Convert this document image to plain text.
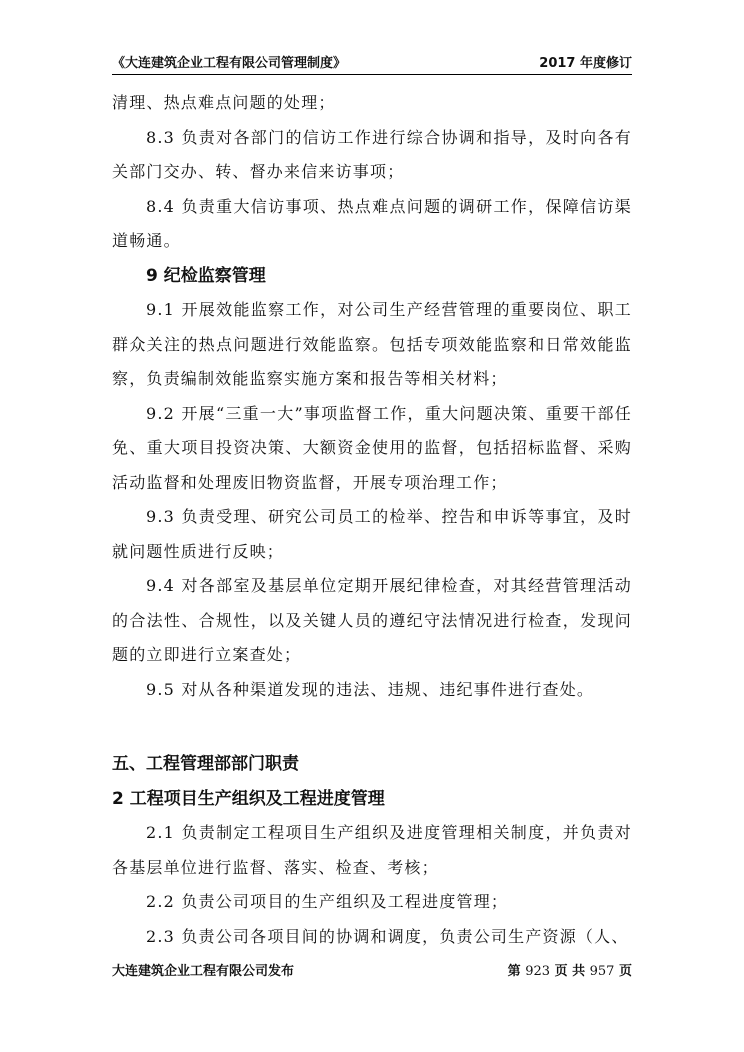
《大连建筑企业工程有限公司管理制度》	2017 年度修订

清理、热点难点问题的处理；

8.3 负责对各部门的信访工作进行综合协调和指导，及时向各有关部门交办、转、督办来信来访事项；

8.4 负责重大信访事项、热点难点问题的调研工作，保障信访渠道畅通。

9 纪检监察管理

9.1 开展效能监察工作，对公司生产经营管理的重要岗位、职工群众关注的热点问题进行效能监察。包括专项效能监察和日常效能监察，负责编制效能监察实施方案和报告等相关材料；

9.2 开展“三重一大”事项监督工作，重大问题决策、重要干部任免、重大项目投资决策、大额资金使用的监督，包括招标监督、采购活动监督和处理废旧物资监督，开展专项治理工作；

9.3 负责受理、研究公司员工的检举、控告和申诉等事宜，及时就问题性质进行反映；

9.4 对各部室及基层单位定期开展纪律检查，对其经营管理活动的合法性、合规性，以及关键人员的遵纪守法情况进行检查，发现问题的立即进行立案查处；

9.5 对从各种渠道发现的违法、违规、违纪事件进行查处。

五、工程管理部部门职责

2 工程项目生产组织及工程进度管理

2.1 负责制定工程项目生产组织及进度管理相关制度，并负责对各基层单位进行监督、落实、检查、考核；

2.2 负责公司项目的生产组织及工程进度管理；

2.3 负责公司各项目间的协调和调度，负责公司生产资源（人、

大连建筑企业工程有限公司发布	第 923 页 共 957 页
